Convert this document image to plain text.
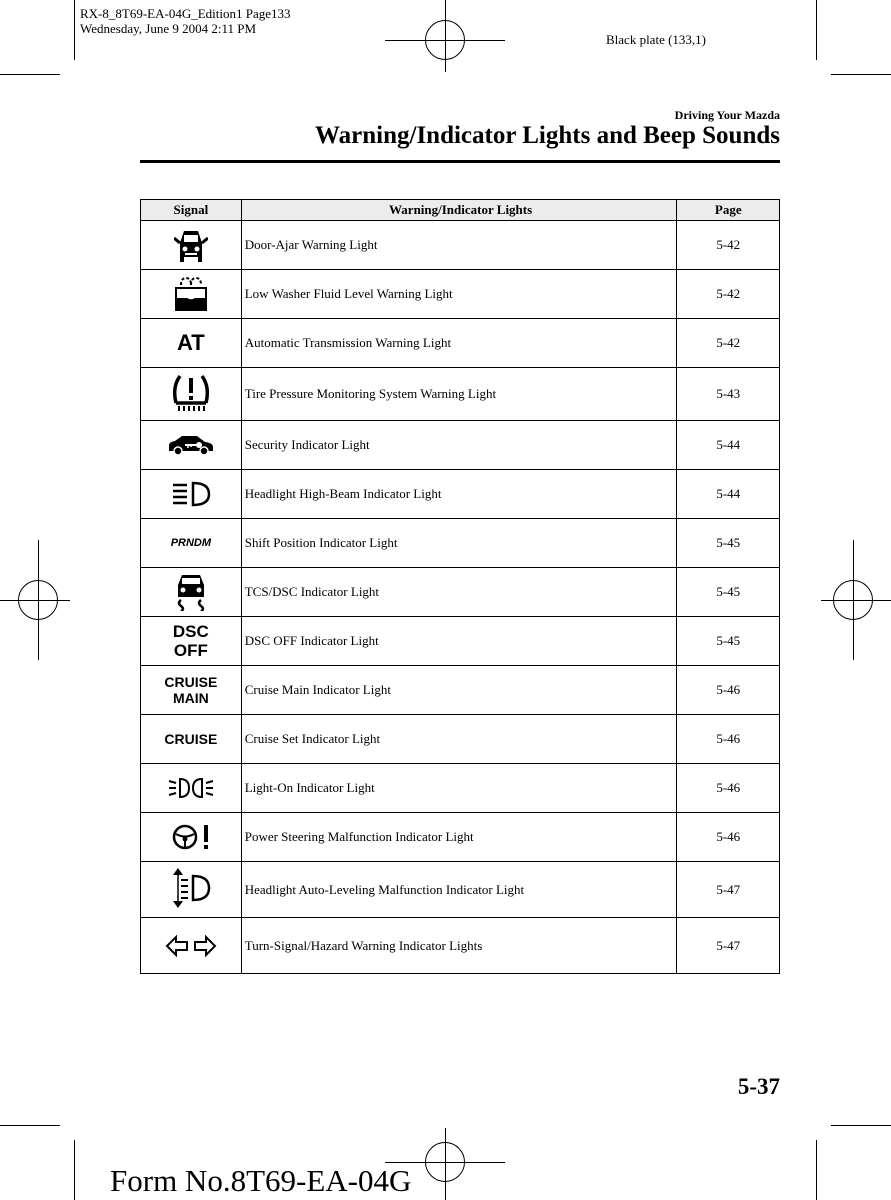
RX-8_8T69-EA-04G_Edition1 Page133
Wednesday, June 9 2004 2:11 PM
Black plate (133,1)
Driving Your Mazda
Warning/Indicator Lights and Beep Sounds
Signal	Warning/Indicator Lights	Page

	Door-Ajar Warning Light	5-42

	Low Washer Fluid Level Warning Light	5-42
AT	Automatic Transmission Warning Light	5-42

	Tire Pressure Monitoring System Warning Light	5-43

	Security Indicator Light	5-44

	Headlight High-Beam Indicator Light	5-44
PRNDM	Shift Position Indicator Light	5-45

	TCS/DSC Indicator Light	5-45

DSC
OFF	DSC OFF Indicator Light	5-45

CRUISE
MAIN	Cruise Main Indicator Light	5-46
CRUISE	Cruise Set Indicator Light	5-46

	Light-On Indicator Light	5-46

	Power Steering Malfunction Indicator Light	5-46

	Headlight Auto-Leveling Malfunction Indicator Light	5-47

	Turn-Signal/Hazard Warning Indicator Lights	5-47
5-37
Form No.8T69-EA-04G
